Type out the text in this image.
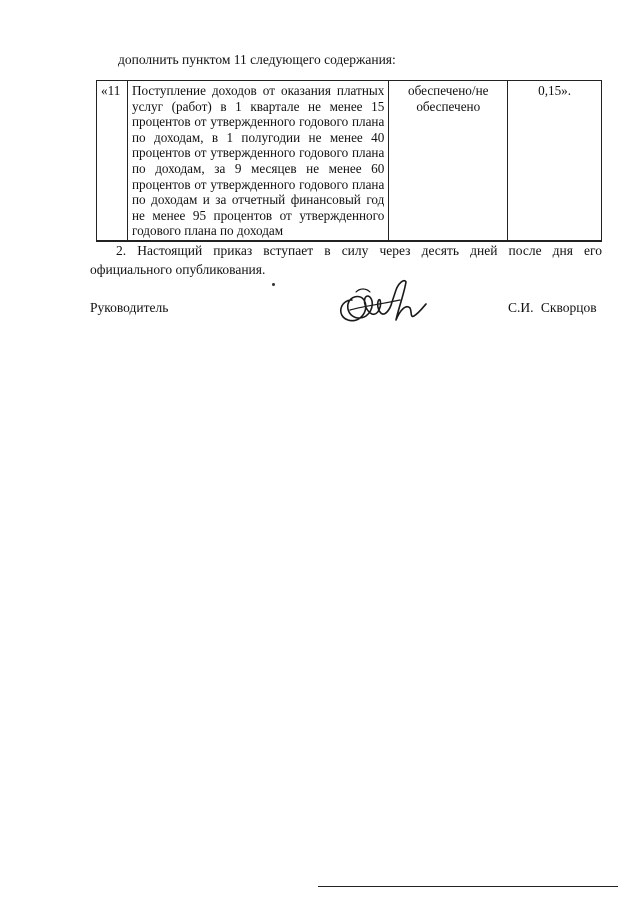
дополнить пунктом 11 следующего содержания:
«11	Поступление доходов от оказания платных услуг (работ) в 1 квартале не менее 15 процентов от утвержденного годового плана по доходам, в 1 полугодии не менее 40 процентов от утвержденного годового плана по доходам, за 9 месяцев не менее 60 процентов от утвержденного годового плана по доходам и за отчетный финансовый год не менее 95 процентов от утвержденного годового плана по доходам	обеспечено/не обеспечено	0,15».

2. Настоящий приказ вступает в силу через десять дней после дня его официального опубликования.
Руководитель	С.И. Скворцов
